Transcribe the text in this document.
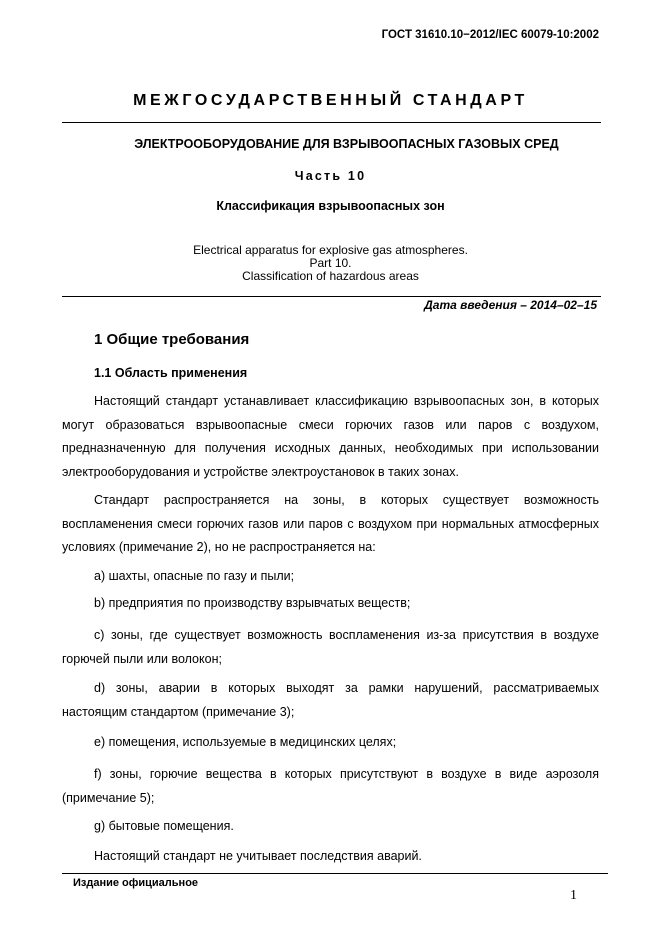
ГОСТ 31610.10−2012/IEC 60079-10:2002
МЕЖГОСУДАРСТВЕННЫЙ СТАНДАРТ
ЭЛЕКТРООБОРУДОВАНИЕ ДЛЯ ВЗРЫВООПАСНЫХ ГАЗОВЫХ СРЕД
Часть 10
Классификация взрывоопасных зон
Electrical apparatus for explosive gas atmospheres.
Part 10.
Classification of hazardous areas
Дата введения – 2014–02–15
1 Общие требования
1.1 Область применения

Настоящий стандарт устанавливает классификацию взрывоопасных зон, в которых могут образоваться взрывоопасные смеси горючих газов или паров с воздухом, предназначенную для получения исходных данных, необходимых при использовании электрооборудования и устройстве электроустановок в таких зонах.

Стандарт распространяется на зоны, в которых существует возможность воспламенения смеси горючих газов или паров с воздухом при нормальных атмосферных условиях (примечание 2), но не распространяется на:

а) шахты, опасные по газу и пыли;

b) предприятия по производству взрывчатых веществ;

с) зоны, где существует возможность воспламенения из-за присутствия в воздухе горючей пыли или волокон;

d) зоны, аварии в которых выходят за рамки нарушений, рассматриваемых настоящим стандартом (примечание 3);

е) помещения, используемые в медицинских целях;

f) зоны, горючие вещества в которых присутствуют в воздухе в виде аэрозоля (примечание 5);

g) бытовые помещения.

Настоящий стандарт не учитывает последствия аварий.

Издание официальное
1
